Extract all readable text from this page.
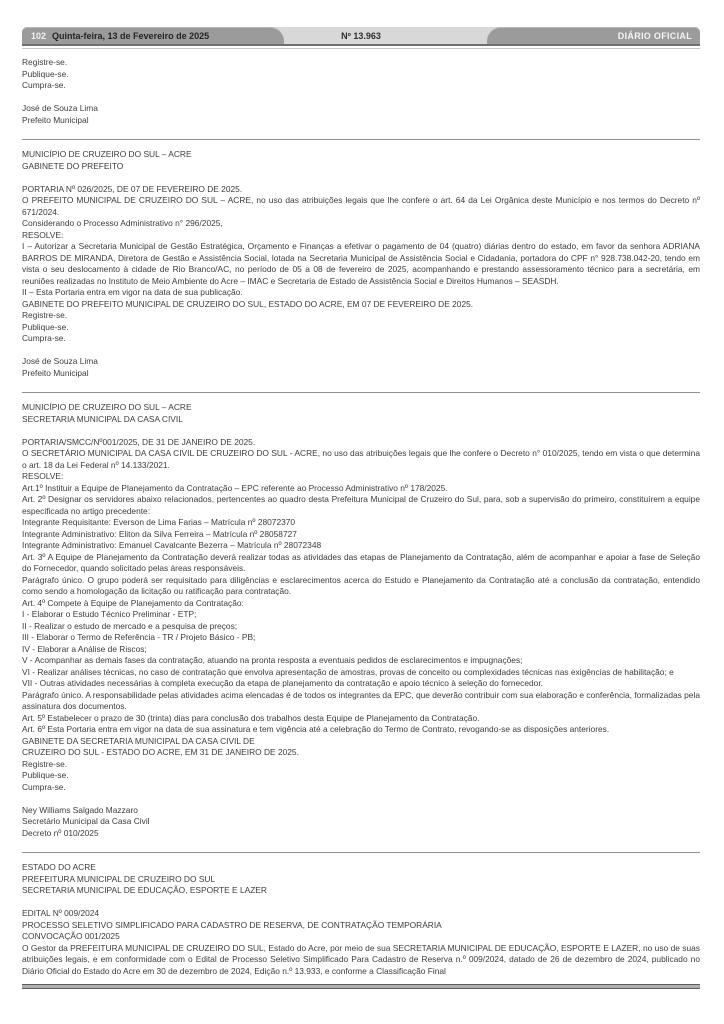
102 Quinta-feira, 13 de Fevereiro de 2025	Nº 13.963	DIÁRIO OFICIAL

Registre-se.

Publique-se.

Cumpra-se.

José de Souza Lima

Prefeito Municipal

MUNICÍPIO DE CRUZEIRO DO SUL – ACRE

GABINETE DO PREFEITO

PORTARIA Nº 026/2025, DE 07 DE FEVEREIRO DE 2025.

O PREFEITO MUNICIPAL DE CRUZEIRO DO SUL – ACRE, no uso das atribuições legais que lhe confere o art. 64 da Lei Orgânica deste Município e nos termos do Decreto nº 671/2024.

Considerando o Processo Administrativo n° 296/2025,

RESOLVE:

I – Autorizar a Secretaria Municipal de Gestão Estratégica, Orçamento e Finanças a efetivar o pagamento de 04 (quatro) diárias dentro do estado, em favor da senhora ADRIANA BARROS DE MIRANDA, Diretora de Gestão e Assistência Social, lotada na Secretaria Municipal de Assistência Social e Cidadania, portadora do CPF n° 928.738.042-20, tendo em vista o seu deslocamento à cidade de Rio Branco/AC, no período de 05 a 08 de fevereiro de 2025, acompanhando e prestando assessoramento técnico para a secretária, em reuniões realizadas no Instituto de Meio Ambiente do Acre – IMAC e Secretaria de Estado de Assistência Social e Direitos Humanos – SEASDH.

II – Esta Portaria entra em vigor na data de sua publicação.

GABINETE DO PREFEITO MUNICIPAL DE CRUZEIRO DO SUL, ESTADO DO ACRE, EM 07 DE FEVEREIRO DE 2025.

Registre-se.

Publique-se.

Cumpra-se.

José de Souza Lima

Prefeito Municipal

MUNICÍPIO DE CRUZEIRO DO SUL – ACRE

SECRETARIA MUNICIPAL DA CASA CIVIL

PORTARIA/SMCC/Nº001/2025, DE 31 DE JANEIRO DE 2025.

O SECRETÁRIO MUNICIPAL DA CASA CIVIL DE CRUZEIRO DO SUL - ACRE, no uso das atribuições legais que lhe confere o Decreto n° 010/2025, tendo em vista o que determina o art. 18 da Lei Federal nº 14.133/2021.

RESOLVE:

Art.1º Instituir a Equipe de Planejamento da Contratação – EPC referente ao Processo Administrativo nº 178/2025.

Art. 2º Designar os servidores abaixo relacionados, pertencentes ao quadro desta Prefeitura Municipal de Cruzeiro do Sul, para, sob a supervisão do primeiro, constituírem a equipe especificada no artigo precedente:

Integrante Requisitante: Everson de Lima Farias – Matrícula nº 28072370

Integrante Administrativo: Eliton da Silva Ferreira – Matrícula nº 28058727

Integrante Administrativo: Emanuel Cavalcante Bezerra – Matrícula nº 28072348

Art. 3º A Equipe de Planejamento da Contratação deverá realizar todas as atividades das etapas de Planejamento da Contratação, além de acompanhar e apoiar a fase de Seleção do Fornecedor, quando solicitado pelas áreas responsáveis.

Parágrafo único. O grupo poderá ser requisitado para diligências e esclarecimentos acerca do Estudo e Planejamento da Contratação até a conclusão da contratação, entendido como sendo a homologação da licitação ou ratificação para contratação.

Art. 4º Compete à Equipe de Planejamento da Contratação:

I - Elaborar o Estudo Técnico Preliminar - ETP;

II - Realizar o estudo de mercado e a pesquisa de preços;

III - Elaborar o Termo de Referência - TR / Projeto Básico - PB;

IV - Elaborar a Análise de Riscos;

V - Acompanhar as demais fases da contratação, atuando na pronta resposta a eventuais pedidos de esclarecimentos e impugnações;

VI - Realizar análises técnicas, no caso de contratação que envolva apresentação de amostras, provas de conceito ou complexidades técnicas nas exigências de habilitação; e

VII - Outras atividades necessárias à completa execução da etapa de planejamento da contratação e apoio técnico à seleção do fornecedor.

Parágrafo único. A responsabilidade pelas atividades acima elencadas é de todos os integrantes da EPC, que deverão contribuir com sua elaboração e conferência, formalizadas pela assinatura dos documentos.

Art. 5º Estabelecer o prazo de 30 (trinta) dias para conclusão dos trabalhos desta Equipe de Planejamento da Contratação.

Art. 6º Esta Portaria entra em vigor na data de sua assinatura e tem vigência até a celebração do Termo de Contrato, revogando-se as disposições anteriores.

GABINETE DA SECRETARIA MUNICIPAL DA CASA CIVIL DE

CRUZEIRO DO SUL - ESTADO DO ACRE, EM 31 DE JANEIRO DE 2025.

Registre-se.

Publique-se.

Cumpra-se.

Ney Williams Salgado Mazzaro

Secretário Municipal da Casa Civil

Decreto nº 010/2025

ESTADO DO ACRE

PREFEITURA MUNICIPAL DE CRUZEIRO DO SUL

SECRETARIA MUNICIPAL DE EDUCAÇÃO, ESPORTE E LAZER

EDITAL Nº 009/2024

PROCESSO SELETIVO SIMPLIFICADO PARA CADASTRO DE RESERVA, DE CONTRATAÇÃO TEMPORÁRIA

CONVOCAÇÃO 001/2025

O Gestor da PREFEITURA MUNICIPAL DE CRUZEIRO DO SUL, Estado do Acre, por meio de sua SECRETARIA MUNICIPAL DE EDUCAÇÃO, ESPORTE E LAZER, no uso de suas atribuições legais, e em conformidade com o Edital de Processo Seletivo Simplificado Para Cadastro de Reserva n.º 009/2024, datado de 26 de dezembro de 2024, publicado no Diário Oficial do Estado do Acre em 30 de dezembro de 2024, Edição n.º 13.933, e conforme a Classificação Final
